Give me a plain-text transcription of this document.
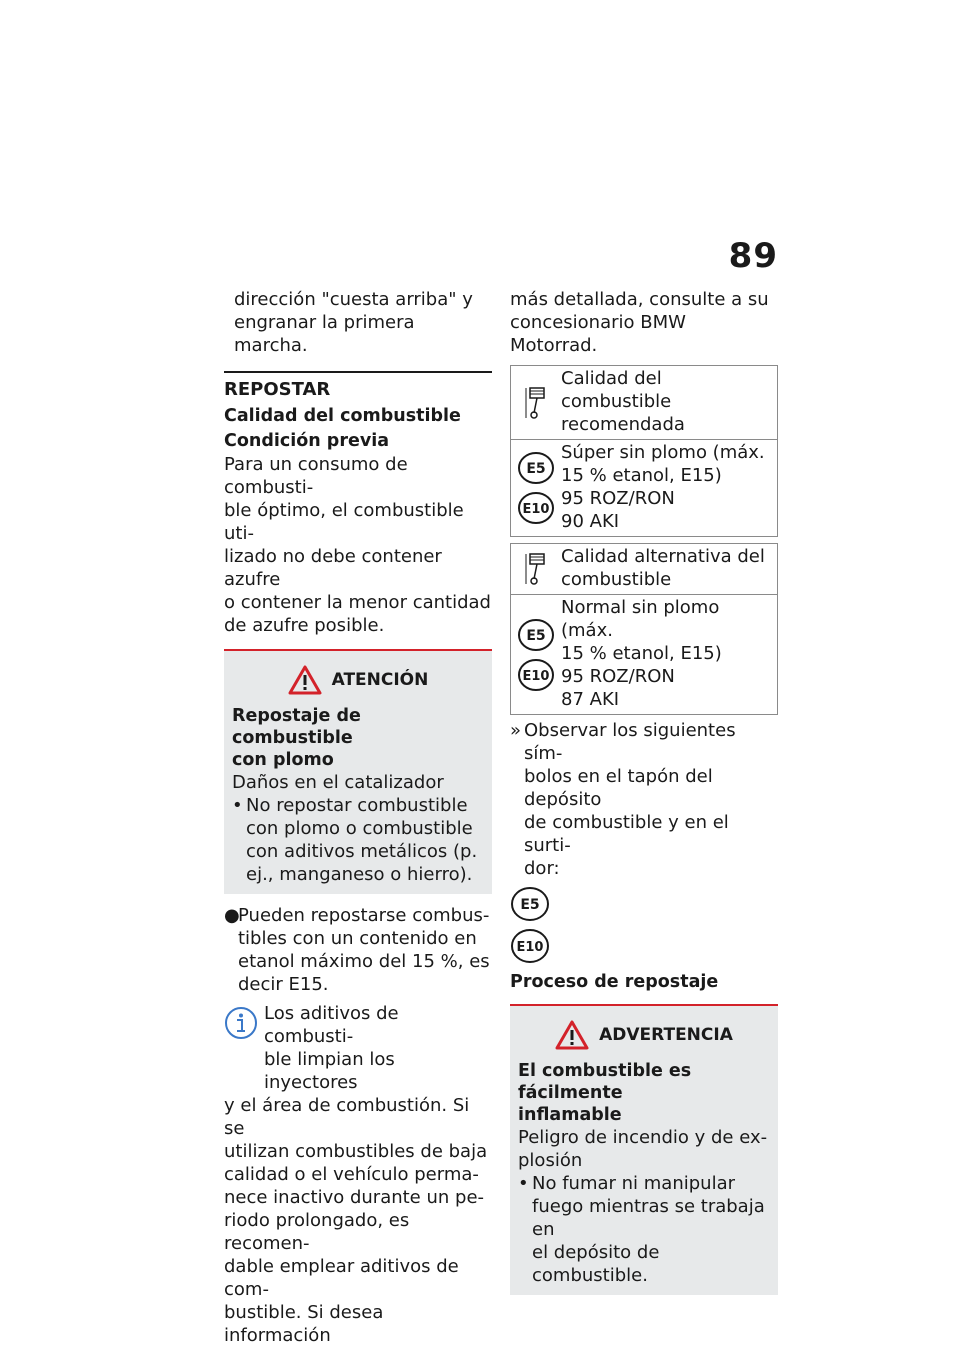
89

dirección "cuesta arriba" y

engranar la primera marcha.

REPOSTAR

Calidad del combustible

Condición previa

Para un consumo de combusti-

ble óptimo, el combustible uti-

lizado no debe contener azufre

o contener la menor cantidad

de azufre posible.

ATENCIÓN

Repostaje de combustible

con plomo

Daños en el catalizador

• No repostar combustible
con plomo o combustible
con aditivos metálicos (p.
ej., manganeso o hierro).
●
Pueden repostarse combus-
tibles con un contenido en
etanol máximo del 15 %, es
decir E15.

Los aditivos de combusti-

ble limpian los inyectores

y el área de combustión. Si se

utilizan combustibles de baja

calidad o el vehículo perma-

nece inactivo durante un pe-

riodo prolongado, es recomen-

dable emplear aditivos de com-

bustible. Si desea información

más detallada, consulte a su

concesionario BMW Motorrad.

Calidad del combustible
recomendada
E5
E10
Súper sin plomo (máx.
15 % etanol, E15)
95 ROZ/RON
90 AKI
Calidad alternativa del
combustible
E5
E10
Normal sin plomo (máx.
15 % etanol, E15)
95 ROZ/RON
87 AKI
» Observar los siguientes sím-
bolos en el tapón del depósito
de combustible y en el surti-
dor:
E5
E10

Proceso de repostaje

ADVERTENCIA

El combustible es fácilmente

inflamable

Peligro de incendio y de ex-

plosión

• No fumar ni manipular
fuego mientras se trabaja en
el depósito de combustible.
